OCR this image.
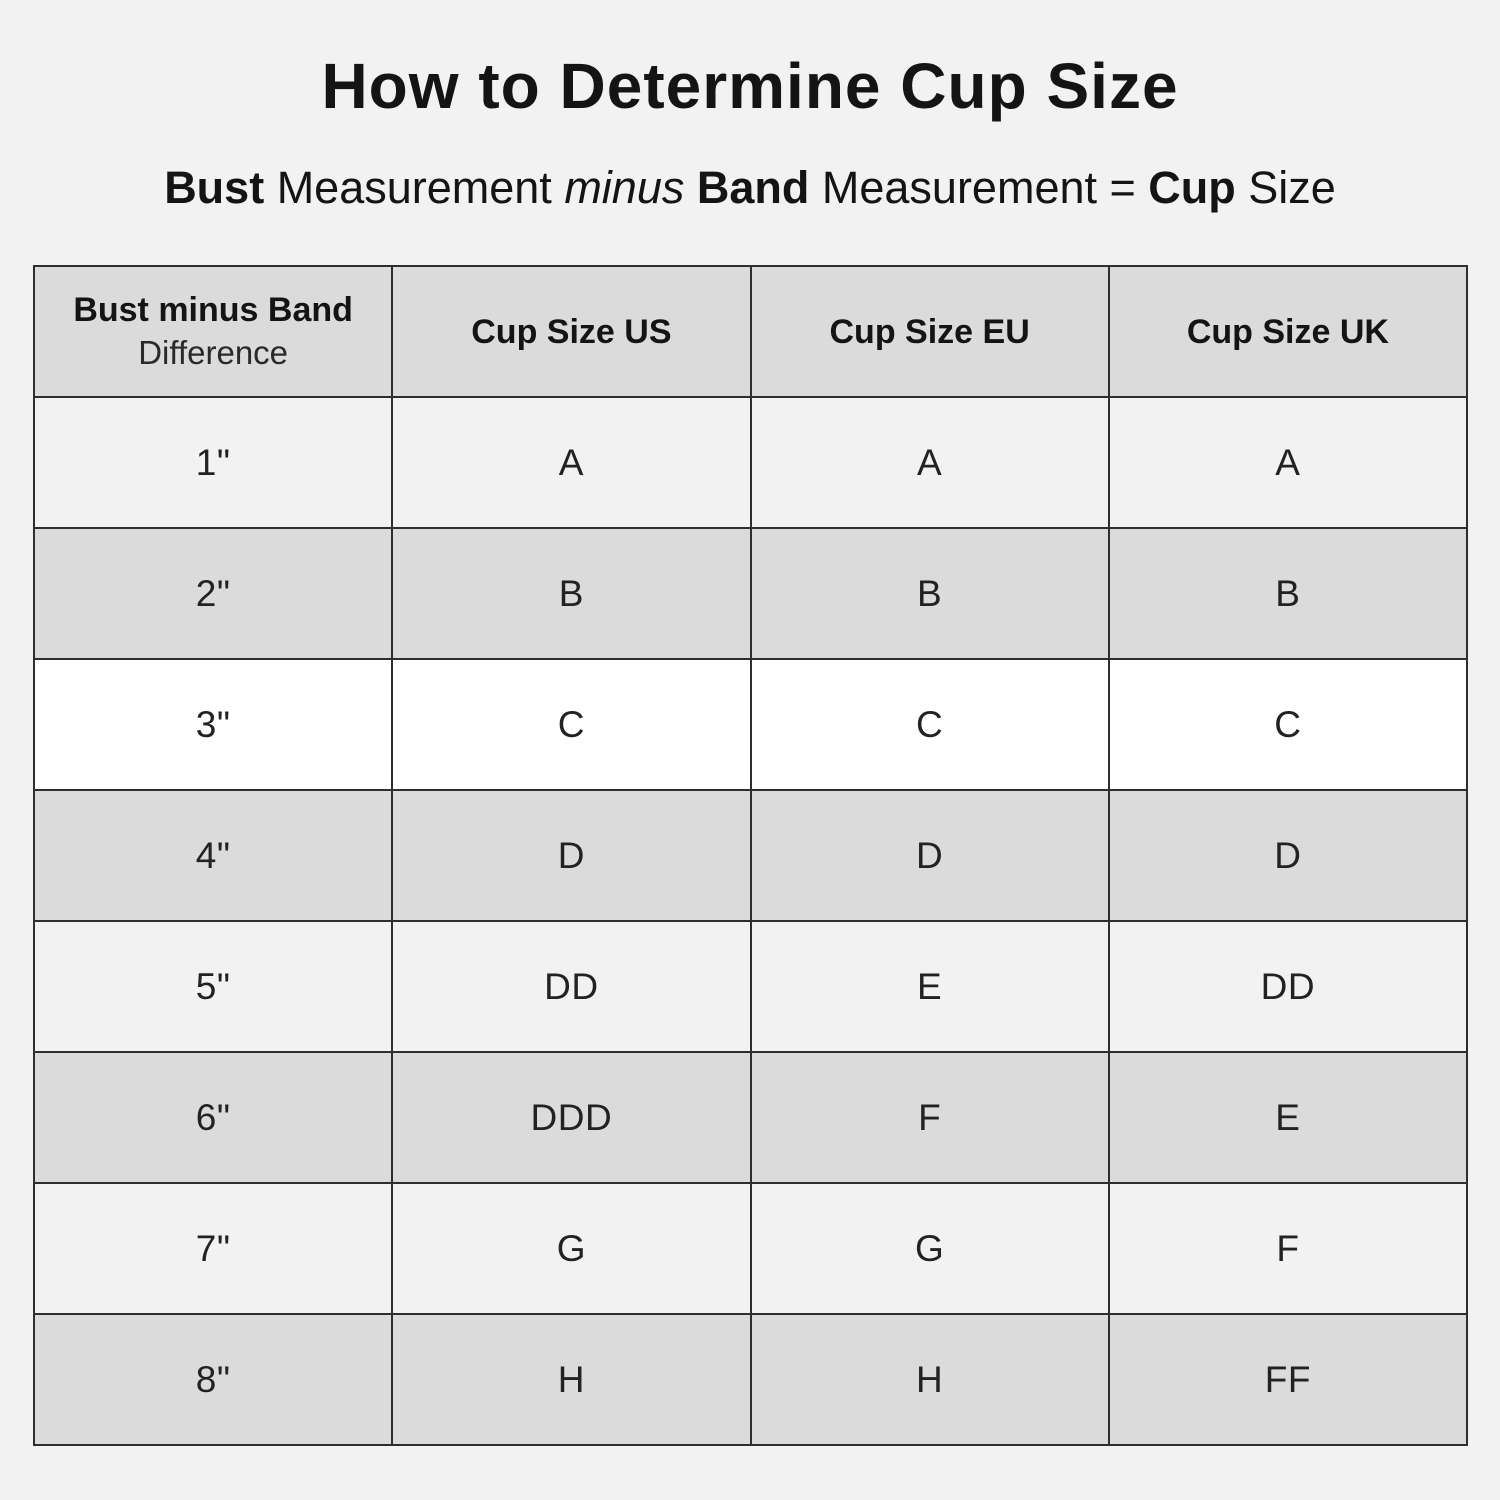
How to Determine Cup Size
Bust Measurement minus Band Measurement = Cup Size
Bust minus Band
Difference	Cup Size US	Cup Size EU	Cup Size UK
1"	A	A	A
2"	B	B	B
3"	C	C	C
4"	D	D	D
5"	DD	E	DD
6"	DDD	F	E
7"	G	G	F
8"	H	H	FF
